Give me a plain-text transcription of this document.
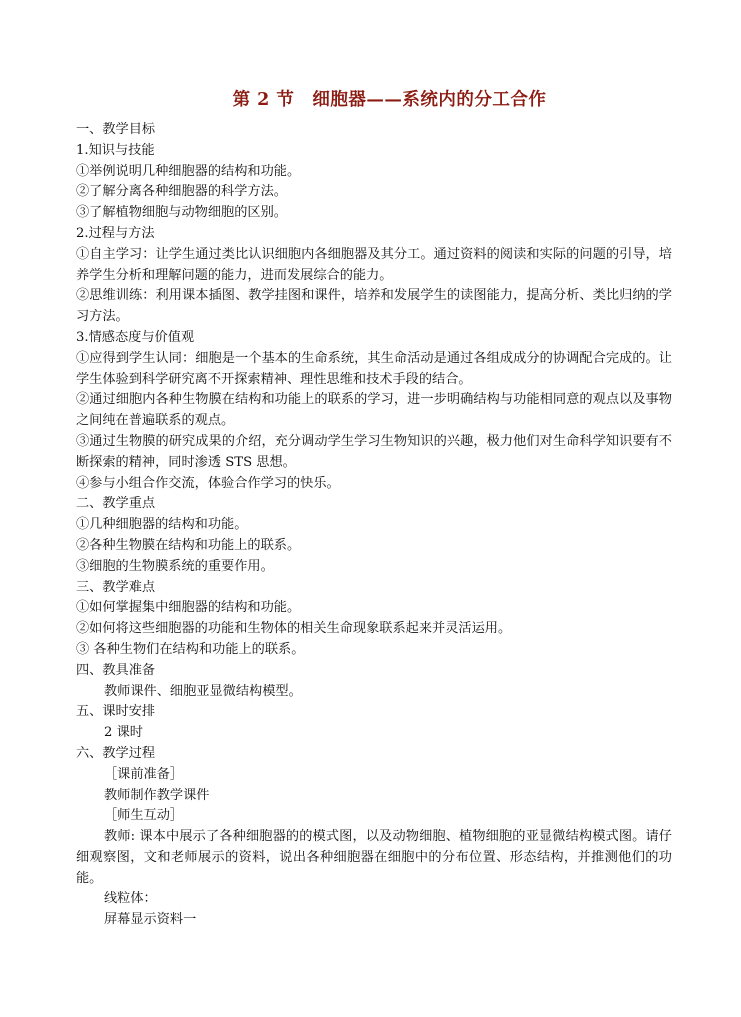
第 2 节　细胞器——系统内的分工合作
一、教学目标
1.知识与技能
①举例说明几种细胞器的结构和功能。
②了解分离各种细胞器的科学方法。
③了解植物细胞与动物细胞的区别。
2.过程与方法
①自主学习：让学生通过类比认识细胞内各细胞器及其分工。通过资料的阅读和实际的问题的引导，培养学生分析和理解问题的能力，进而发展综合的能力。
②思维训练：利用课本插图、教学挂图和课件，培养和发展学生的读图能力，提高分析、类比归纳的学习方法。
3.情感态度与价值观
①应得到学生认同：细胞是一个基本的生命系统，其生命活动是通过各组成成分的协调配合完成的。让学生体验到科学研究离不开探索精神、理性思维和技术手段的结合。
②通过细胞内各种生物膜在结构和功能上的联系的学习，进一步明确结构与功能相同意的观点以及事物之间纯在普遍联系的观点。
③通过生物膜的研究成果的介绍，充分调动学生学习生物知识的兴趣，极力他们对生命科学知识要有不断探索的精神，同时渗透 STS 思想。
④参与小组合作交流，体验合作学习的快乐。
二、教学重点
①几种细胞器的结构和功能。
②各种生物膜在结构和功能上的联系。
③细胞的生物膜系统的重要作用。
三、教学难点
①如何掌握集中细胞器的结构和功能。
②如何将这些细胞器的功能和生物体的相关生命现象联系起来并灵活运用。
③ 各种生物们在结构和功能上的联系。
四、教具准备
教师课件、细胞亚显微结构模型。
五、课时安排
2 课时
六、教学过程
［课前准备］
教师制作教学课件
［师生互动］
教师: 课本中展示了各种细胞器的的模式图，以及动物细胞、植物细胞的亚显微结构模式图。请仔细观察图，文和老师展示的资料，说出各种细胞器在细胞中的分布位置、形态结构，并推测他们的功能。
线粒体：
屏幕显示资料一
